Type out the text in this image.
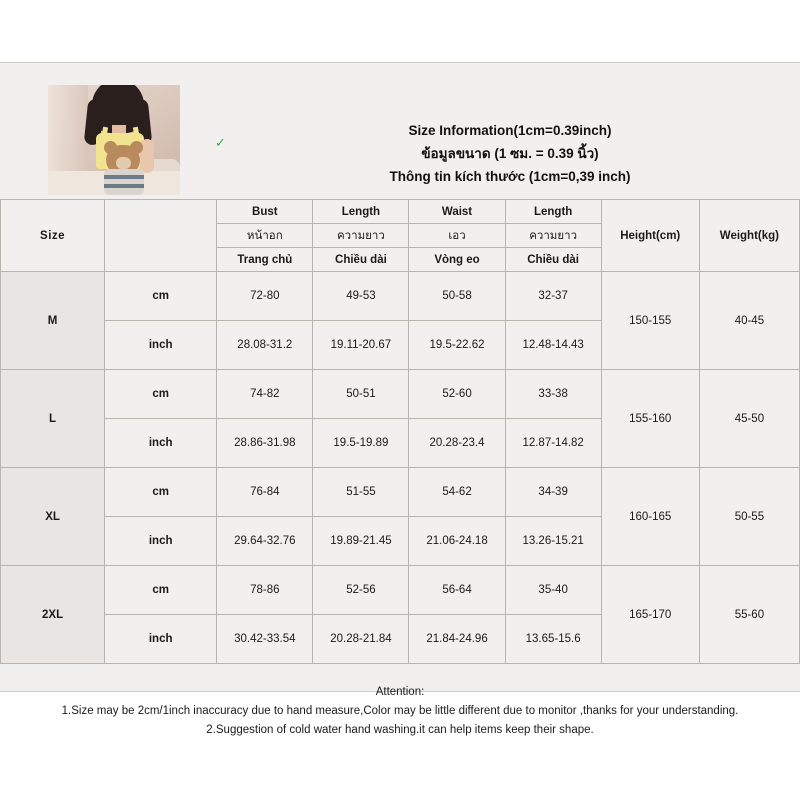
✓
Size Information(1cm=0.39inch)
ข้อมูลขนาด (1 ซม. = 0.39 นิ้ว)
Thông tin kích thước (1cm=0,39 inch)
Size		Bust	Length	Waist	Length	Height(cm)	Weight(kg)
		หน้าอก	ความยาว	เอว	ความยาว		
		Trang chủ	Chiều dài	Vòng eo	Chiều dài		
M	cm	72-80	49-53	50-58	32-37	150-155	40-45
	inch	28.08-31.2	19.11-20.67	19.5-22.62	12.48-14.43		
L	cm	74-82	50-51	52-60	33-38	155-160	45-50
	inch	28.86-31.98	19.5-19.89	20.28-23.4	12.87-14.82		
XL	cm	76-84	51-55	54-62	34-39	160-165	50-55
	inch	29.64-32.76	19.89-21.45	21.06-24.18	13.26-15.21		
2XL	cm	78-86	52-56	56-64	35-40	165-170	55-60
	inch	30.42-33.54	20.28-21.84	21.84-24.96	13.65-15.6		
Attention:
1.Size may be 2cm/1inch inaccuracy due to hand measure,Color may be little different due to monitor ,thanks for your understanding.
2.Suggestion of cold water hand washing.it can help items keep their shape.
